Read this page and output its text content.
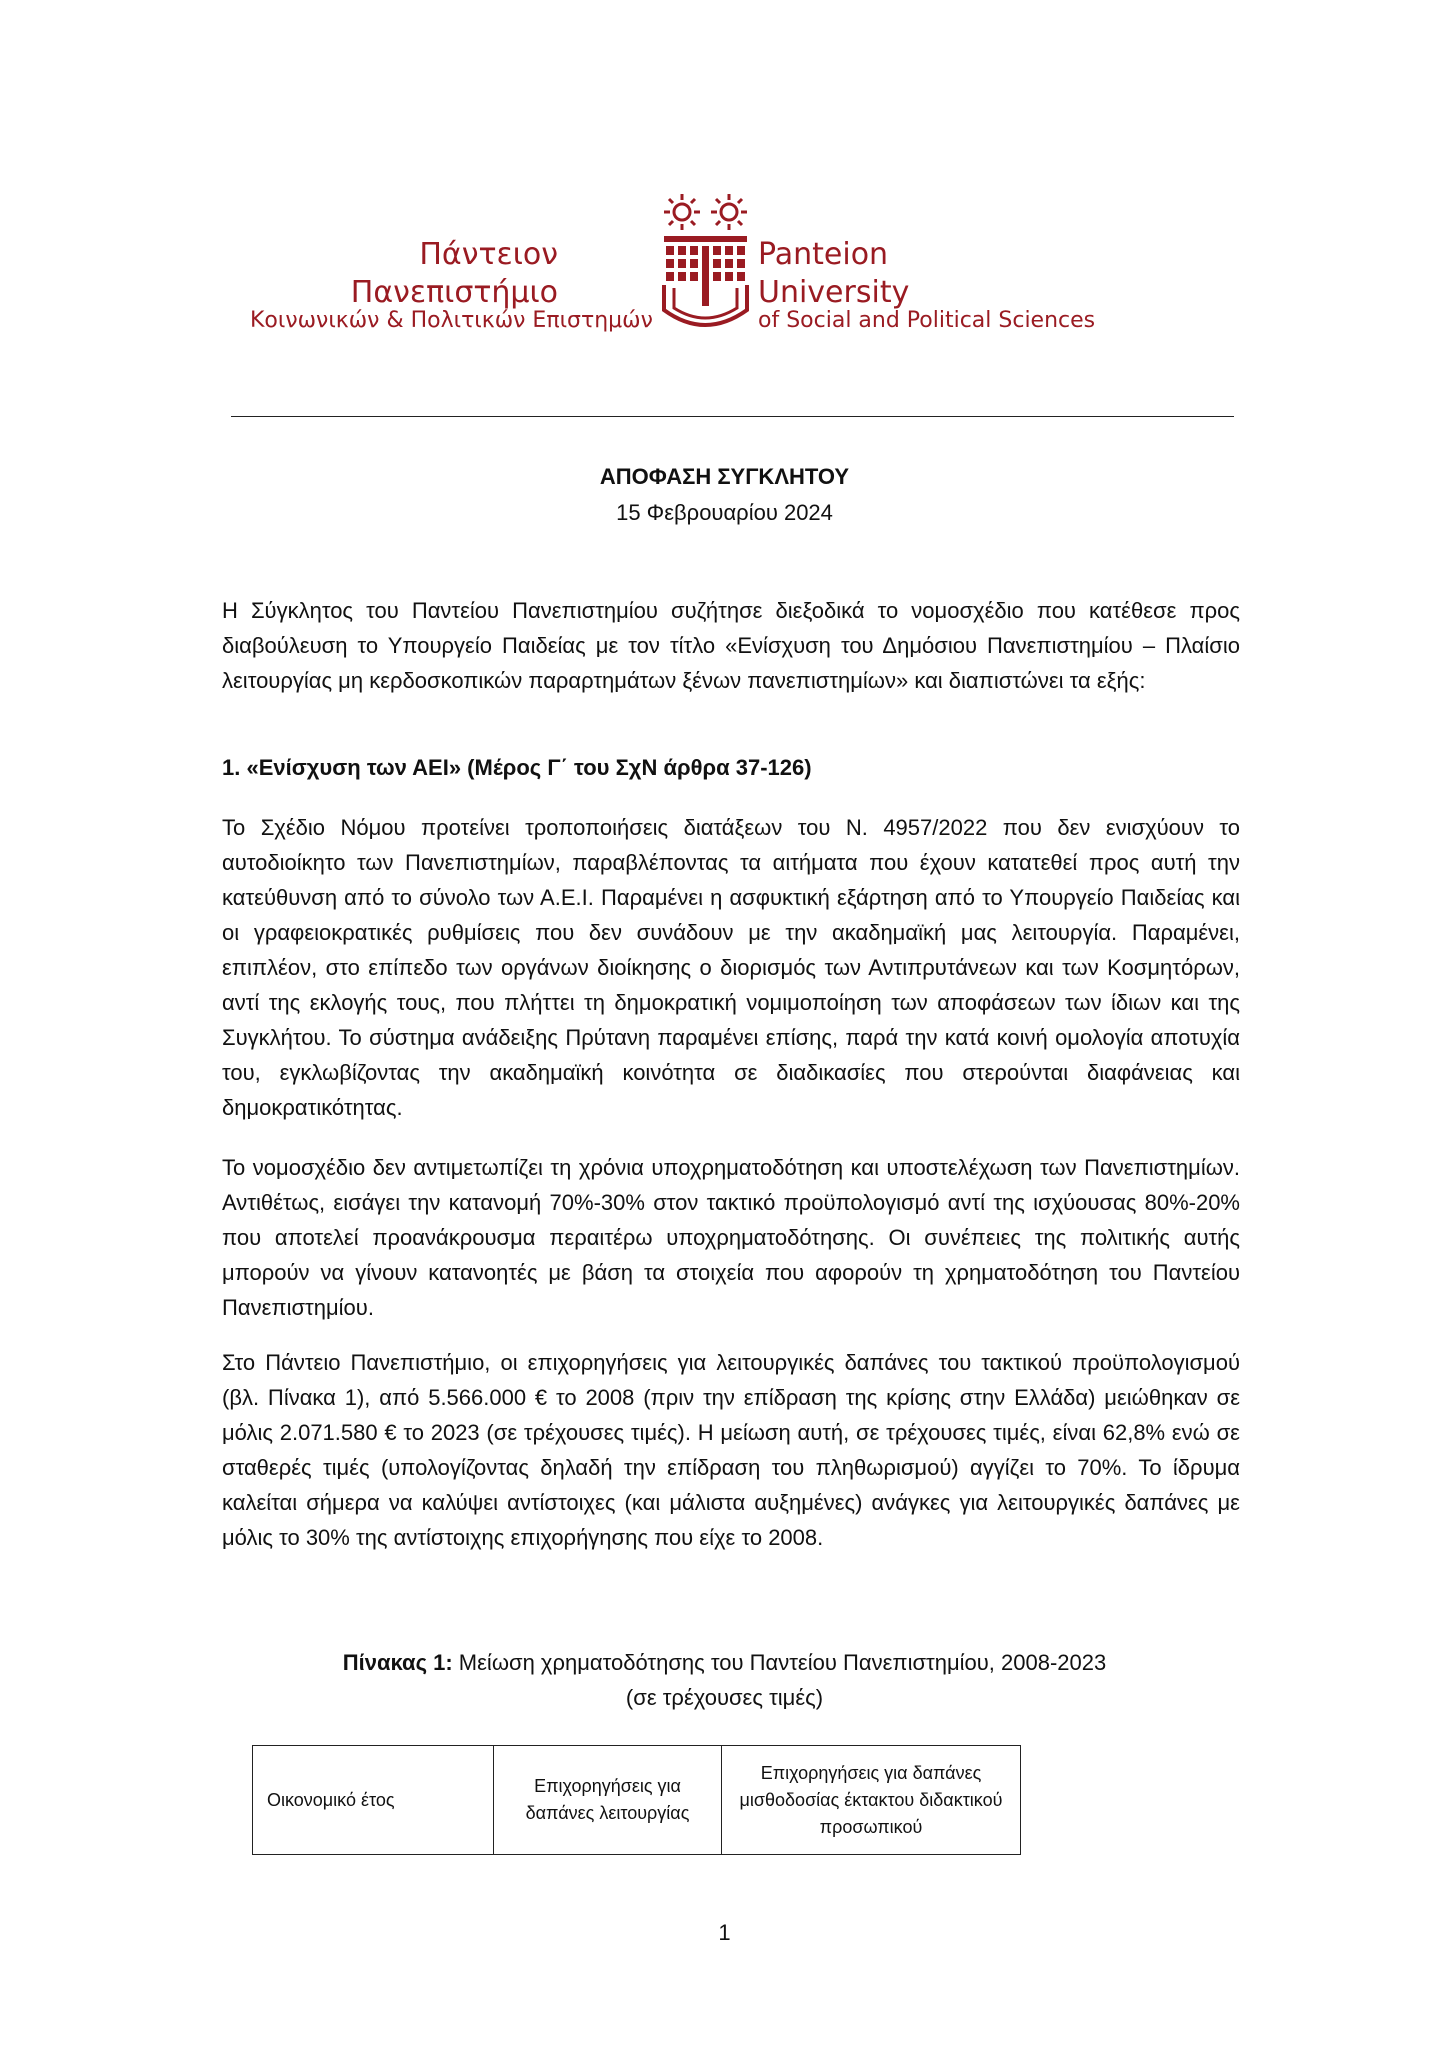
Πάντειον
Πανεπιστήμιο
Κοινωνικών & Πολιτικών Επιστημών
Panteion
University
of Social and Political Sciences
ΑΠΟΦΑΣΗ ΣΥΓΚΛΗΤΟΥ
15 Φεβρουαρίου 2024
Η Σύγκλητος του Παντείου Πανεπιστημίου συζήτησε διεξοδικά το νομοσχέδιο που κατέθεσε προς διαβούλευση το Υπουργείο Παιδείας με τον τίτλο «Ενίσχυση του Δημόσιου Πανεπιστημίου – Πλαίσιο λειτουργίας μη κερδοσκοπικών παραρτημάτων ξένων πανεπιστημίων» και διαπιστώνει τα εξής:
1. «Ενίσχυση των ΑΕΙ» (Μέρος Γ΄ του ΣχΝ άρθρα 37-126)
Το Σχέδιο Νόμου προτείνει τροποποιήσεις διατάξεων του Ν. 4957/2022 που δεν ενισχύουν το αυτοδιοίκητο των Πανεπιστημίων, παραβλέποντας τα αιτήματα που έχουν κατατεθεί προς αυτή την κατεύθυνση από το σύνολο των Α.Ε.Ι. Παραμένει η ασφυκτική εξάρτηση από το Υπουργείο Παιδείας και οι γραφειοκρατικές ρυθμίσεις που δεν συνάδουν με την ακαδημαϊκή μας λειτουργία. Παραμένει, επιπλέον, στο επίπεδο των οργάνων διοίκησης ο διορισμός των Αντιπρυτάνεων και των Κοσμητόρων, αντί της εκλογής τους, που πλήττει τη δημοκρατική νομιμοποίηση των αποφάσεων των ίδιων και της Συγκλήτου. Το σύστημα ανάδειξης Πρύτανη παραμένει επίσης, παρά την κατά κοινή ομολογία αποτυχία του, εγκλωβίζοντας την ακαδημαϊκή κοινότητα σε διαδικασίες που στερούνται διαφάνειας και δημοκρατικότητας.
Το νομοσχέδιο δεν αντιμετωπίζει τη χρόνια υποχρηματοδότηση και υποστελέχωση των Πανεπιστημίων. Αντιθέτως, εισάγει την κατανομή 70%-30% στον τακτικό προϋπολογισμό αντί της ισχύουσας 80%-20% που αποτελεί προανάκρουσμα περαιτέρω υποχρηματοδότησης. Οι συνέπειες της πολιτικής αυτής μπορούν να γίνουν κατανοητές με βάση τα στοιχεία που αφορούν τη χρηματοδότηση του Παντείου Πανεπιστημίου.
Στο Πάντειο Πανεπιστήμιο, οι επιχορηγήσεις για λειτουργικές δαπάνες του τακτικού προϋπολογισμού (βλ. Πίνακα 1), από 5.566.000 € το 2008 (πριν την επίδραση της κρίσης στην Ελλάδα) μειώθηκαν σε μόλις 2.071.580 € το 2023 (σε τρέχουσες τιμές). Η μείωση αυτή, σε τρέχουσες τιμές, είναι 62,8% ενώ σε σταθερές τιμές (υπολογίζοντας δηλαδή την επίδραση του πληθωρισμού) αγγίζει το 70%. Το ίδρυμα καλείται σήμερα να καλύψει αντίστοιχες (και μάλιστα αυξημένες) ανάγκες για λειτουργικές δαπάνες με μόλις το 30% της αντίστοιχης επιχορήγησης που είχε το 2008.
Πίνακας 1: Μείωση χρηματοδότησης του Παντείου Πανεπιστημίου, 2008-2023
(σε τρέχουσες τιμές)
Οικονομικό έτος	Επιχορηγήσεις για δαπάνες λειτουργίας	Επιχορηγήσεις για δαπάνες μισθοδοσίας έκτακτου διδακτικού προσωπικού
1
